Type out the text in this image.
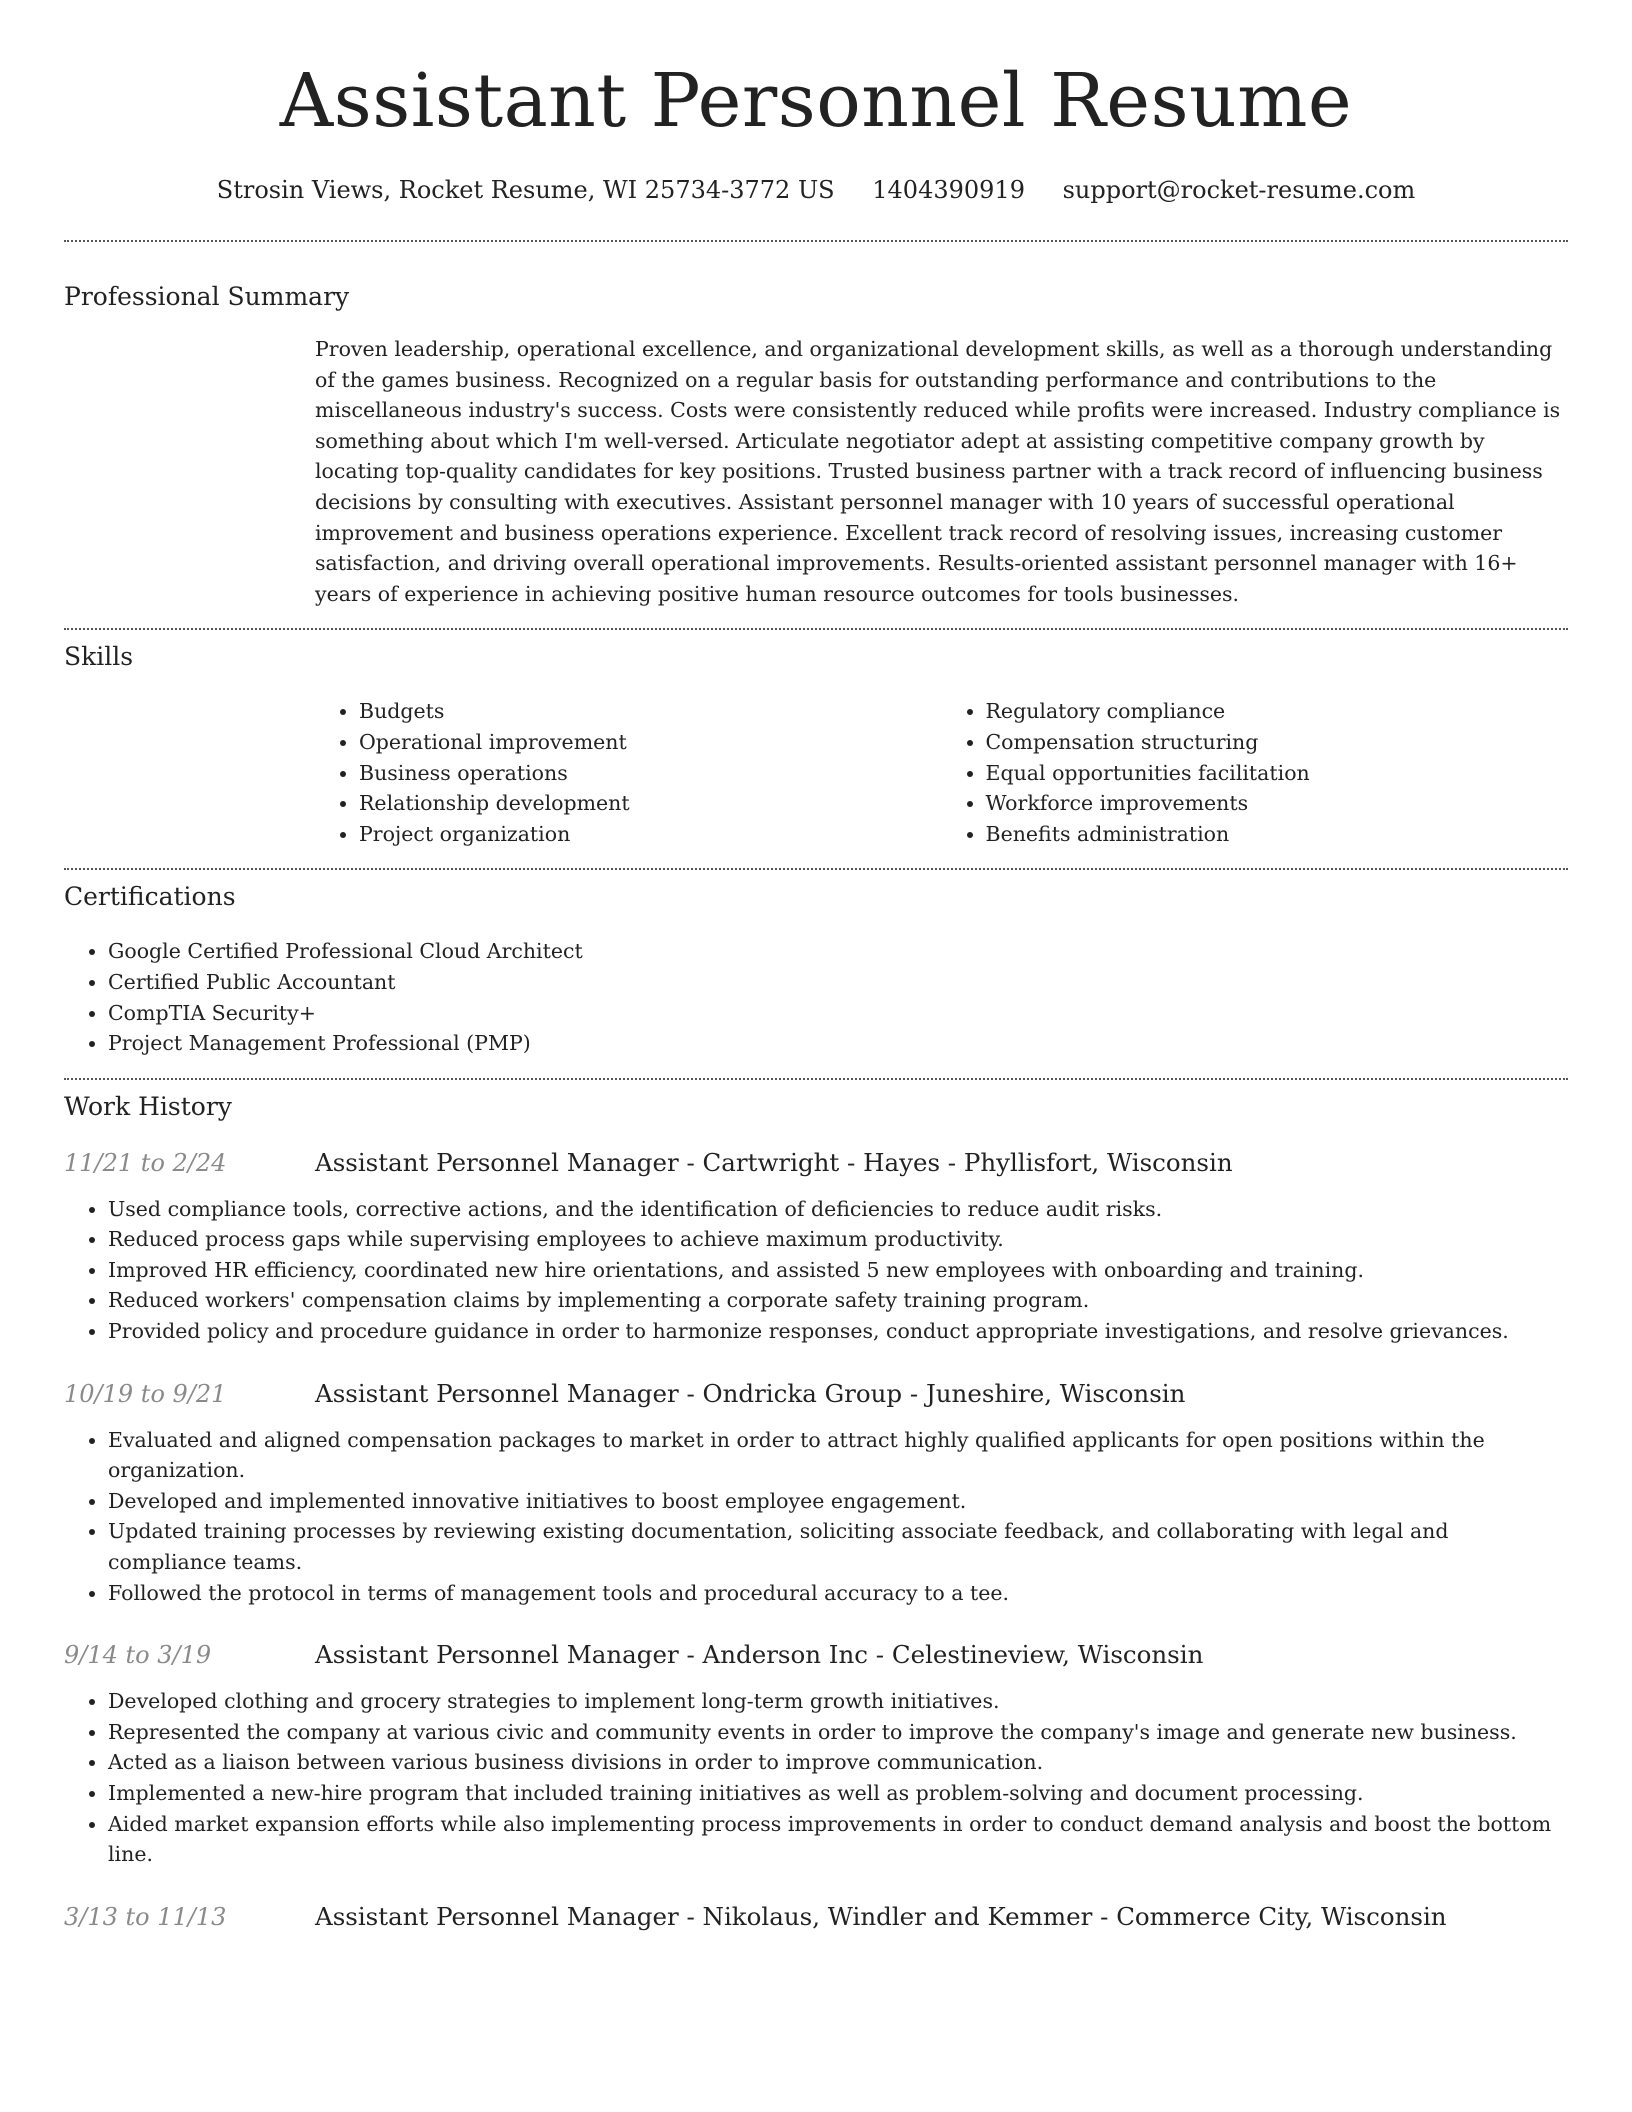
Assistant Personnel Resume
Strosin Views, Rocket Resume, WI 25734-3772 US 1404390919 support@rocket-resume.com
Professional Summary

Proven leadership, operational excellence, and organizational development skills, as well as a thorough understanding of the games business. Recognized on a regular basis for outstanding performance and contributions to the miscellaneous industry's success. Costs were consistently reduced while profits were increased. Industry compliance is something about which I'm well-versed. Articulate negotiator adept at assisting competitive company growth by locating top-quality candidates for key positions. Trusted business partner with a track record of influencing business decisions by consulting with executives. Assistant personnel manager with 10 years of successful operational improvement and business operations experience. Excellent track record of resolving issues, increasing customer satisfaction, and driving overall operational improvements. Results-oriented assistant personnel manager with 16+ years of experience in achieving positive human resource outcomes for tools businesses.

Skills
• Budgets
• Operational improvement
• Business operations
• Relationship development
• Project organization
• Regulatory compliance
• Compensation structuring
• Equal opportunities facilitation
• Workforce improvements
• Benefits administration
Certifications
• Google Certified Professional Cloud Architect
• Certified Public Accountant
• CompTIA Security+
• Project Management Professional (PMP)
Work History
11/21 to 2/24	Assistant Personnel Manager - Cartwright - Hayes - Phyllisfort, Wisconsin
• Used compliance tools, corrective actions, and the identification of deficiencies to reduce audit risks.
• Reduced process gaps while supervising employees to achieve maximum productivity.
• Improved HR efficiency, coordinated new hire orientations, and assisted 5 new employees with onboarding and training.
• Reduced workers' compensation claims by implementing a corporate safety training program.
• Provided policy and procedure guidance in order to harmonize responses, conduct appropriate investigations, and resolve grievances.
10/19 to 9/21	Assistant Personnel Manager - Ondricka Group - Juneshire, Wisconsin
• Evaluated and aligned compensation packages to market in order to attract highly qualified applicants for open positions within the organization.
• Developed and implemented innovative initiatives to boost employee engagement.
• Updated training processes by reviewing existing documentation, soliciting associate feedback, and collaborating with legal and compliance teams.
• Followed the protocol in terms of management tools and procedural accuracy to a tee.
9/14 to 3/19	Assistant Personnel Manager - Anderson Inc - Celestineview, Wisconsin
• Developed clothing and grocery strategies to implement long-term growth initiatives.
• Represented the company at various civic and community events in order to improve the company's image and generate new business.
• Acted as a liaison between various business divisions in order to improve communication.
• Implemented a new-hire program that included training initiatives as well as problem-solving and document processing.
• Aided market expansion efforts while also implementing process improvements in order to conduct demand analysis and boost the bottom line.
3/13 to 11/13	Assistant Personnel Manager - Nikolaus, Windler and Kemmer - Commerce City, Wisconsin
